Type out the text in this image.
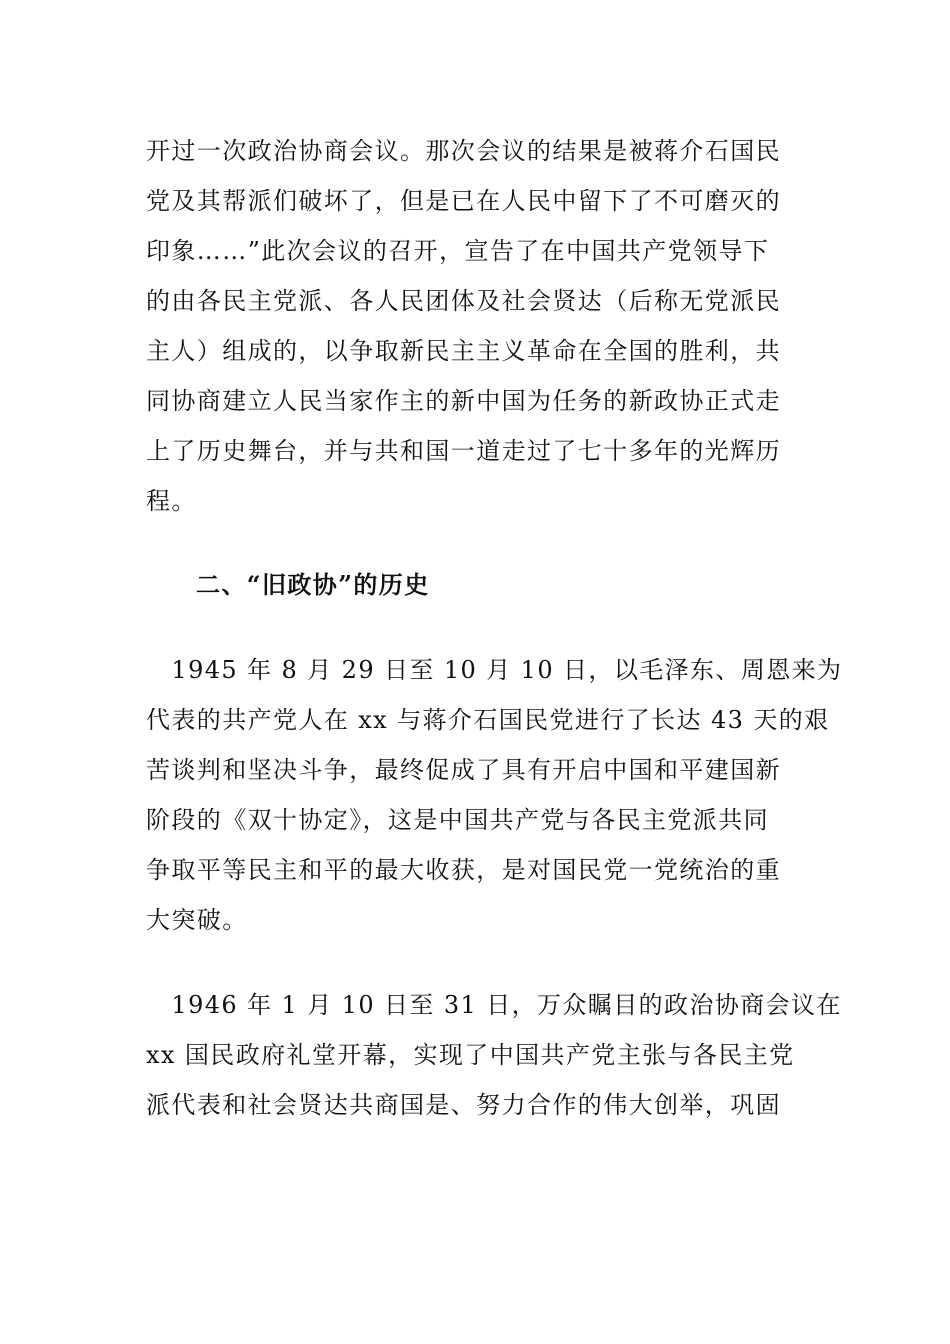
开过一次政治协商会议。那次会议的结果是被蒋介石国民
党及其帮派们破坏了，但是已在人民中留下了不可磨灭的
印象……”此次会议的召开，宣告了在中国共产党领导下
的由各民主党派、各人民团体及社会贤达（后称无党派民
主人）组成的，以争取新民主主义革命在全国的胜利，共
同协商建立人民当家作主的新中国为任务的新政协正式走
上了历史舞台，并与共和国一道走过了七十多年的光辉历
程。
二、“旧政协”的历史
　1945 年 8 月 29 日至 10 月 10 日，以毛泽东、周恩来为
代表的共产党人在 xx 与蒋介石国民党进行了长达 43 天的艰
苦谈判和坚决斗争，最终促成了具有开启中国和平建国新
阶段的《双十协定》，这是中国共产党与各民主党派共同
争取平等民主和平的最大收获，是对国民党一党统治的重
大突破。
　1946 年 1 月 10 日至 31 日，万众瞩目的政治协商会议在
xx 国民政府礼堂开幕，实现了中国共产党主张与各民主党
派代表和社会贤达共商国是、努力合作的伟大创举，巩固
